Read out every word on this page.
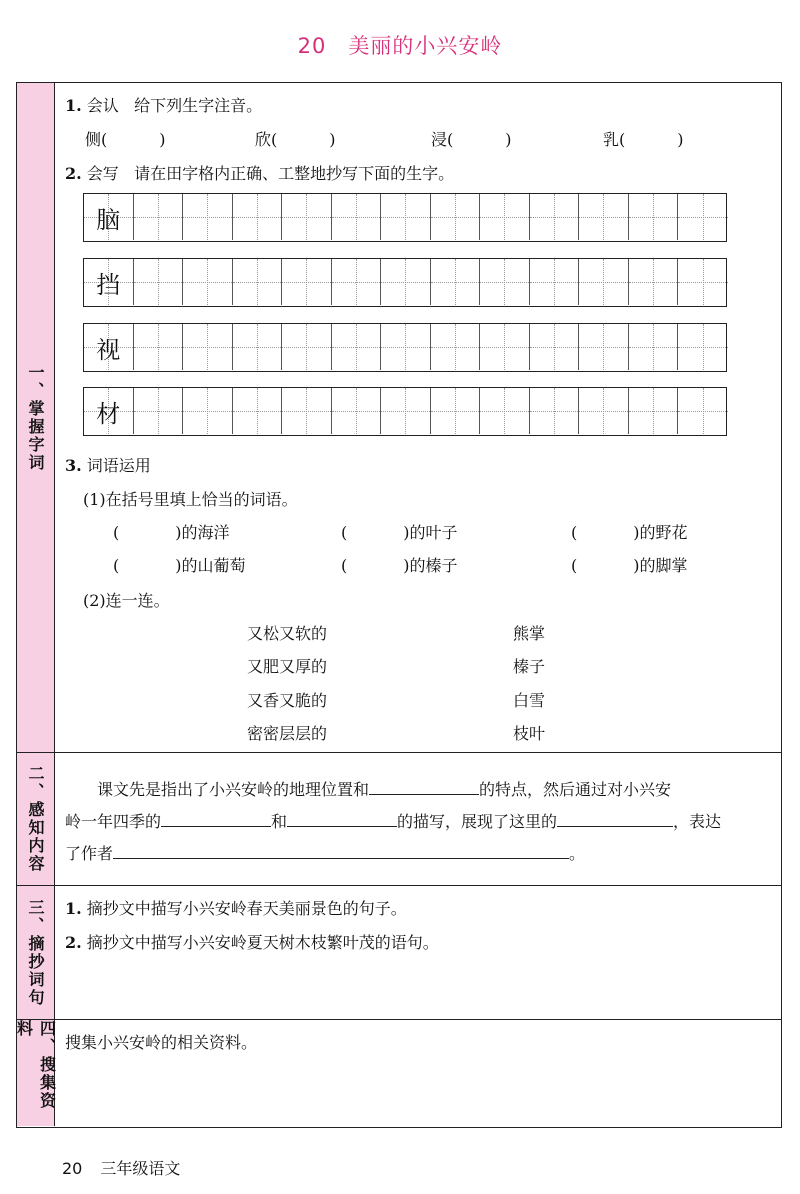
20 美丽的小兴安岭
一、掌握字词
1. 会认 给下列生字注音。
侧(	)	欣(	)	浸(	)	乳(	)
2. 会写 请在田字格内正确、工整地抄写下面的生字。
脑
挡
视
材
3. 词语运用
(1)在括号里填上恰当的词语。
(	)的海洋	(	)的叶子	(	)的野花
(	)的山葡萄	(	)的榛子	(	)的脚掌
(2)连一连。
又松又软的
又肥又厚的
又香又脆的
密密层层的
熊掌
榛子
白雪
枝叶
二、感知内容	课文先是指出了小兴安岭的地理位置和	的特点，然后通过对小兴安
岭一年四季的	和	的描写，展现了这里的	，表达
了作者	。
三、摘抄词句 1. 摘抄文中描写小兴安岭春天美丽景色的句子。
2. 摘抄文中描写小兴安岭夏天树木枝繁叶茂的语句。
四、搜集资料
搜集小兴安岭的相关资料。
20 三年级语文
